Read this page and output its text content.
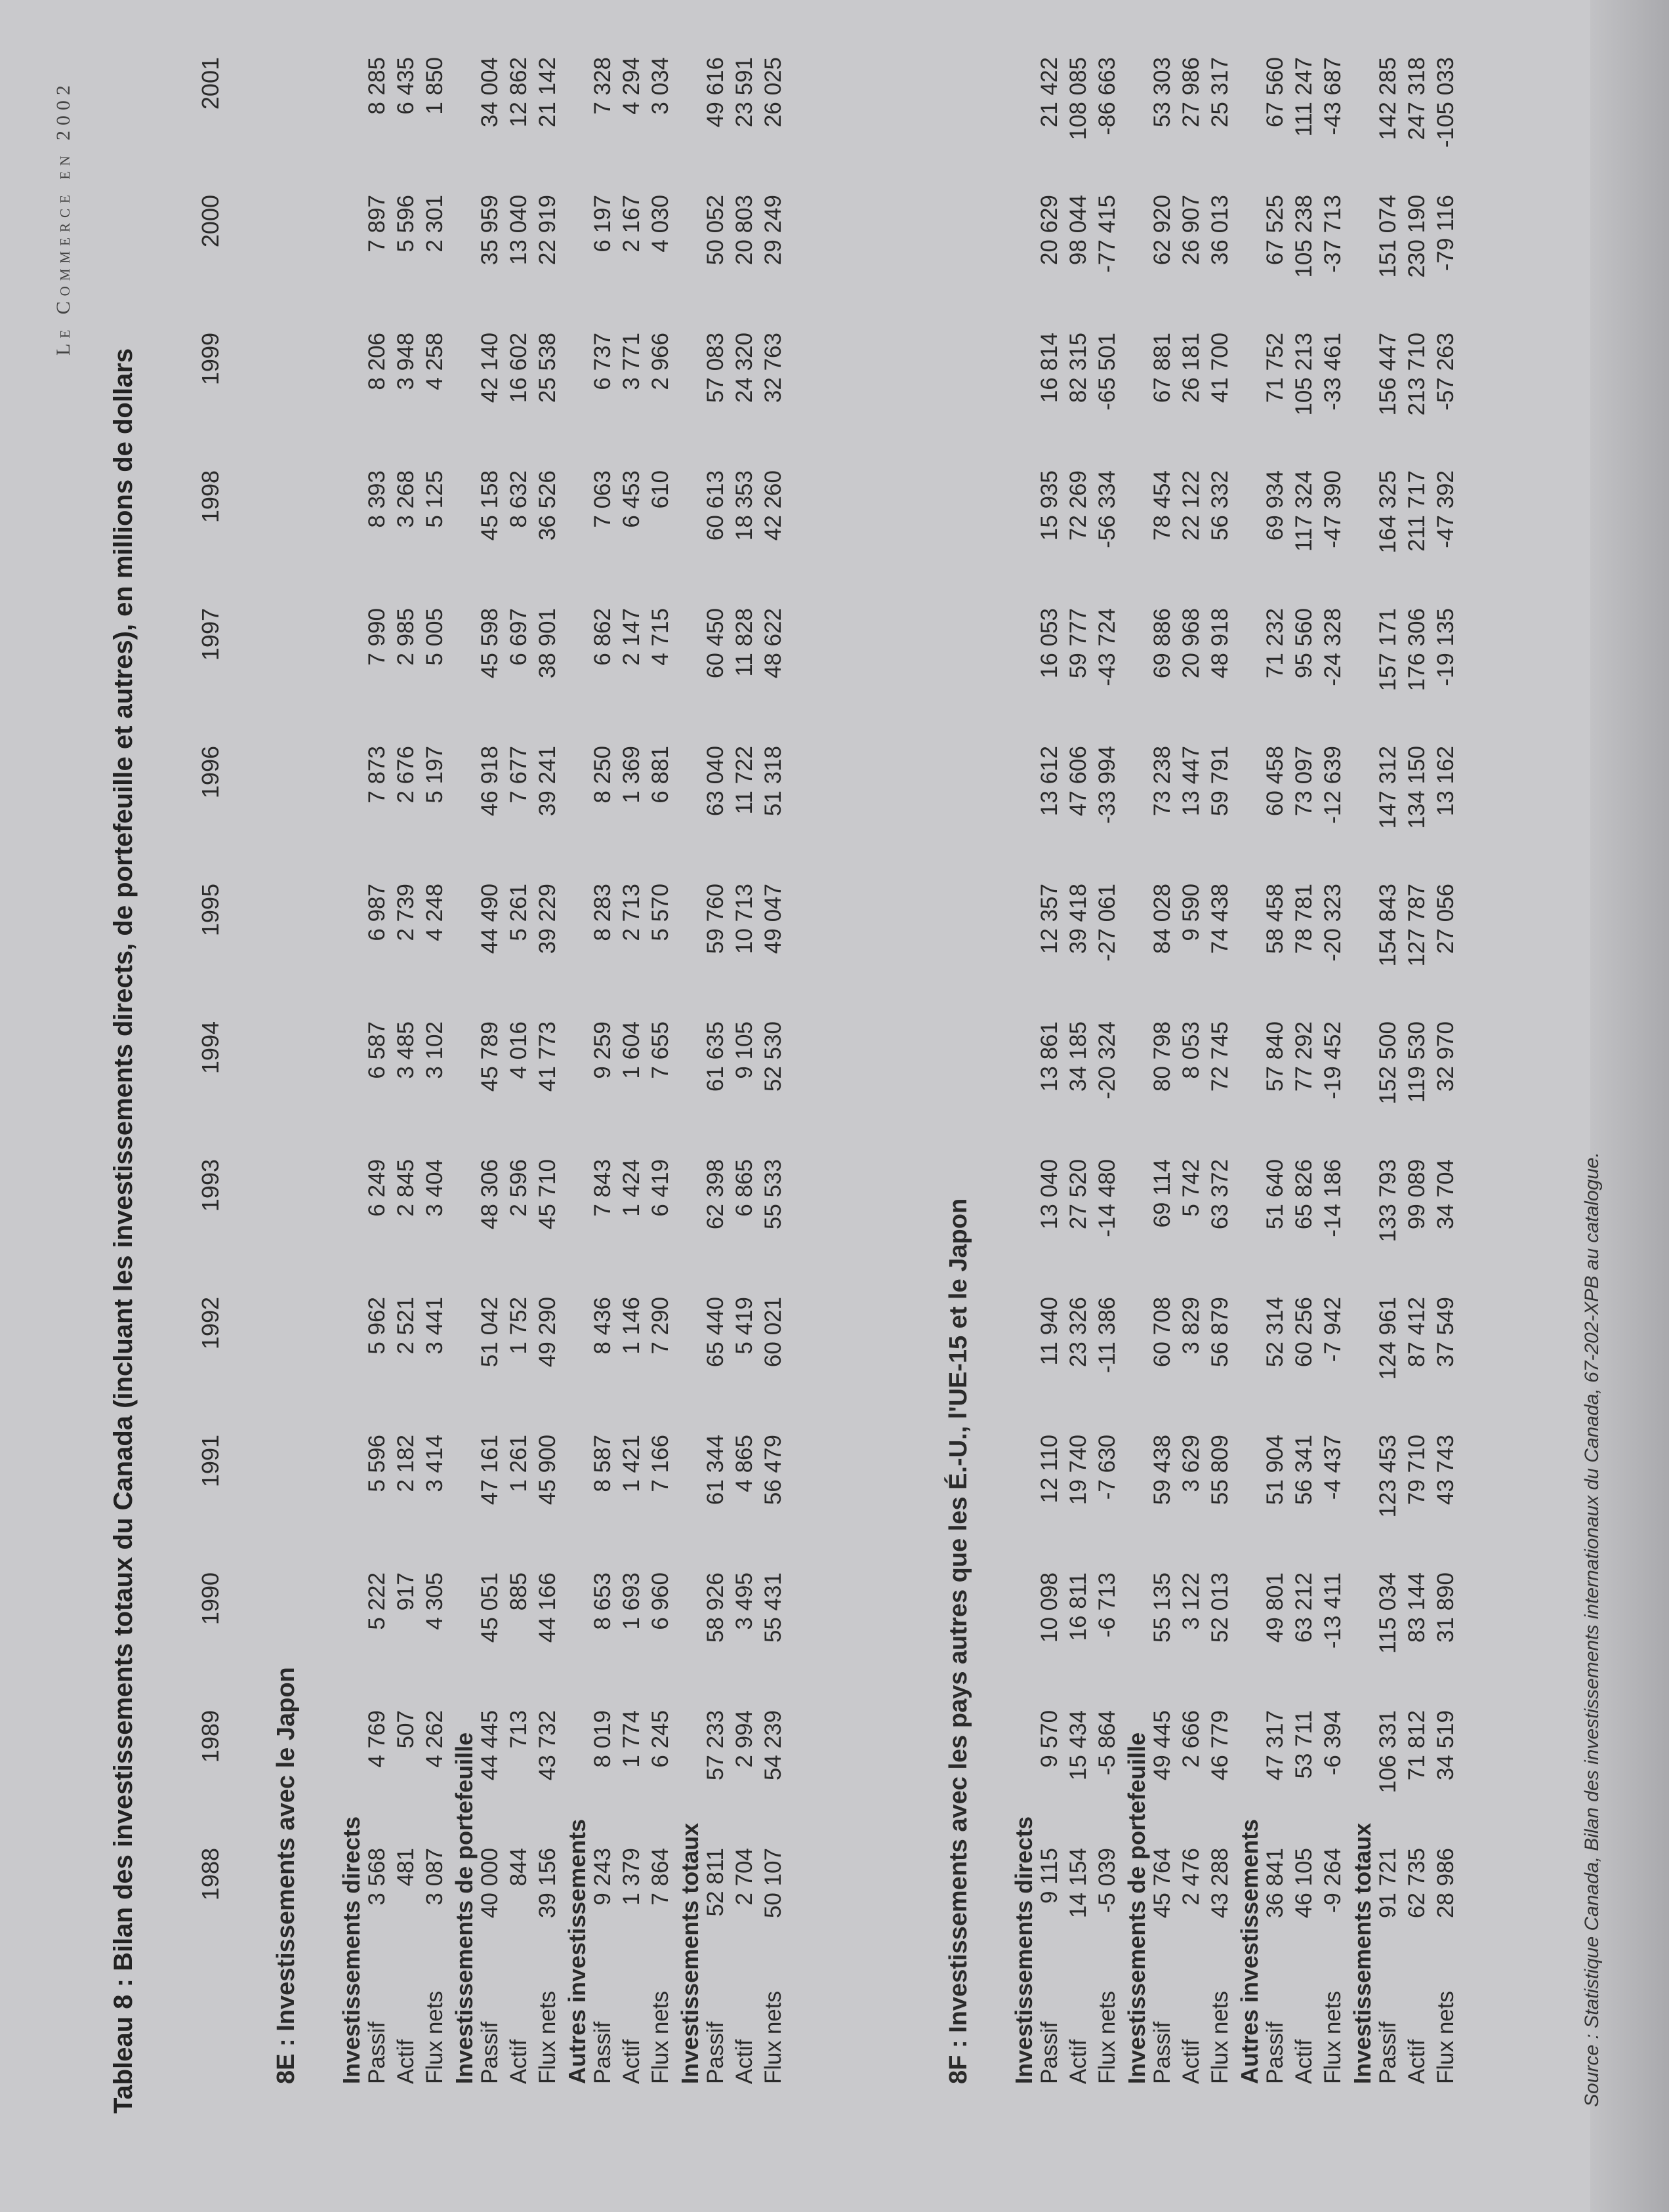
Le Commerce en 2002
Tableau 8 : Bilan des investissements totaux du Canada (incluant les investissements directs, de portefeuille et autres), en millions de dollars	1988
1989
1990
1991
1992
1993
1994
1995
1996
1997
1998
1999
2000
2001
8E : Investissements avec le Japon Investissements directs Passif
3 568
4 769
5 222
5 596
5 962
6 249
6 587
6 987
7 873
7 990
8 393
8 206
7 897
8 285
Actif
481
507
917
2 182
2 521
2 845
3 485
2 739
2 676
2 985
3 268
3 948
5 596
6 435
Flux nets
3 087
4 262
4 305
3 414
3 441
3 404
3 102
4 248
5 197
5 005
5 125
4 258
2 301
1 850
Investissements de portefeuille Passif
40 000
44 445
45 051
47 161
51 042
48 306
45 789
44 490
46 918
45 598
45 158
42 140
35 959
34 004
Actif
844
713
885
1 261
1 752
2 596
4 016
5 261
7 677
6 697
8 632
16 602
13 040
12 862
Flux nets
39 156
43 732
44 166
45 900
49 290
45 710
41 773
39 229
39 241
38 901
36 526
25 538
22 919
21 142
Autres investissements Passif
9 243
8 019
8 653
8 587
8 436
7 843
9 259
8 283
8 250
6 862
7 063
6 737
6 197
7 328
Actif
1 379
1 774
1 693
1 421
1 146
1 424
1 604
2 713
1 369
2 147
6 453
3 771
2 167
4 294
Flux nets
7 864
6 245
6 960
7 166
7 290
6 419
7 655
5 570
6 881
4 715
610
2 966
4 030
3 034
Investissements totaux Passif
52 811
57 233
58 926
61 344
65 440
62 398
61 635
59 760
63 040
60 450
60 613
57 083
50 052
49 616
Actif
2 704
2 994
3 495
4 865
5 419
6 865
9 105
10 713
11 722
11 828
18 353
24 320
20 803
23 591
Flux nets
50 107
54 239
55 431
56 479
60 021
55 533
52 530
49 047
51 318
48 622
42 260
32 763
29 249
26 025
8F : Investissements avec les pays autres que les É.-U., l'UE-15 et le Japon Investissements directs Passif
9 115
9 570
10 098
12 110
11 940
13 040
13 861
12 357
13 612
16 053
15 935
16 814
20 629
21 422
Actif
14 154
15 434
16 811
19 740
23 326
27 520
34 185
39 418
47 606
59 777
72 269
82 315
98 044
108 085
Flux nets
-5 039
-5 864
-6 713
-7 630
-11 386
-14 480
-20 324
-27 061
-33 994
-43 724
-56 334
-65 501
-77 415
-86 663
Investissements de portefeuille Passif
45 764
49 445
55 135
59 438
60 708
69 114
80 798
84 028
73 238
69 886
78 454
67 881
62 920
53 303
Actif
2 476
2 666
3 122
3 629
3 829
5 742
8 053
9 590
13 447
20 968
22 122
26 181
26 907
27 986
Flux nets
43 288
46 779
52 013
55 809
56 879
63 372
72 745
74 438
59 791
48 918
56 332
41 700
36 013
25 317
Autres investissements Passif
36 841
47 317
49 801
51 904
52 314
51 640
57 840
58 458
60 458
71 232
69 934
71 752
67 525
67 560
Actif
46 105
53 711
63 212
56 341
60 256
65 826
77 292
78 781
73 097
95 560
117 324
105 213
105 238
111 247
Flux nets
-9 264
-6 394
-13 411
-4 437
-7 942
-14 186
-19 452
-20 323
-12 639
-24 328
-47 390
-33 461
-37 713
-43 687
Investissements totaux Passif
91 721
106 331
115 034
123 453
124 961
133 793
152 500
154 843
147 312
157 171
164 325
156 447
151 074
142 285
Actif
62 735
71 812
83 144
79 710
87 412
99 089
119 530
127 787
134 150
176 306
211 717
213 710
230 190
247 318
Flux nets
28 986
34 519
31 890
43 743
37 549
34 704
32 970
27 056
13 162
-19 135
-47 392
-57 263
-79 116
-105 033
Source : Statistique Canada, Bilan des investissements internationaux du Canada, 67-202-XPB au catalogue.
